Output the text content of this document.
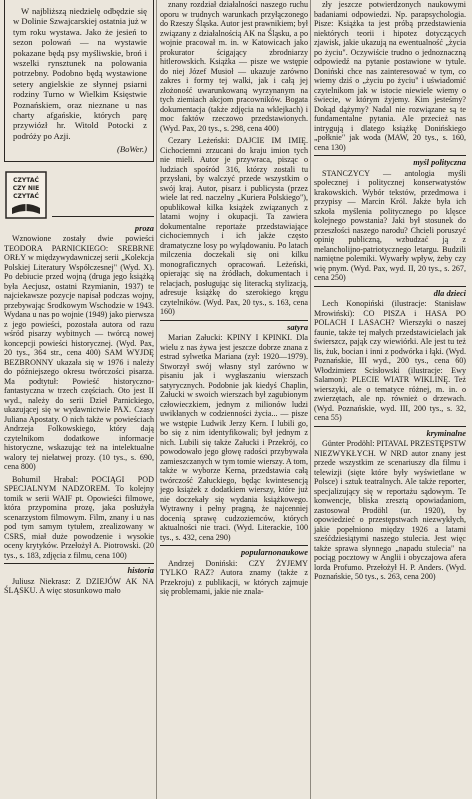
W najbliższą niedzielę odbędzie się w Dolinie Szwajcarskiej ostatnia już w tym roku wystawa. Jako że jesień to sezon polowań — na wystawie pokazane będą psy myśliwskie, broń i wszelki rynsztunek na polowania potrzebny. Podobno będą wystawione setery angielskie ze słynnej psiarni rodziny Turno w Wielkim Księstwie Poznańskiem, oraz nieznane u nas charty afgańskie, których parę przywiózł hr. Witold Potocki z podróży po Azji.

(BoWer.)
CZYTAĆ
CZY NIE
CZYTAĆ
proza

Wznowione zostały dwie powieści TEODORA PARNICKIEGO: SREBRNE ORŁY w międzywydawniczej serii „Kolekcja Polskiej Literatury Współczesnej" (Wyd. X). Po debiucie przed wojną (druga jego książką była Aecjusz, ostatni Rzymianin, 1937) te najciekawsze pozycje napisał podczas wojny, przebywając Srodkowym Wschodzie w 1943. Wydana u nas po wojnie (1949) jako pierwsza z jego powieści, pozostała autora od razu wśród pisarzy wybitnych — twórcą nowej koncepcji powieści historycznej. (Wyd. Pax, 20 tys., 364 str., cena 400) SAM WYJDĘ BEZBRONNY ukazała się w 1976 i należy do późniejszego okresu twórczości pisarza. Ma podtytuł: Powieść historyczno-fantastyczna w trzech częściach. Oto jest II wyd., należy do serii Dzieł Parnickiego, ukazującej się w wydawnictwie PAX. Czasy Juliana Apostaty. O nich także w powieściach Andrzeja Folkowskiego, który dają czytelnikom dodatkowe informacje historyczne, wskazując też na intelektualne walory tej niełatwej prozy. (10 tys., s. 690, cena 800)

Bohumil Hrabal: POCIĄGI POD SPECJALNYM NADZOREM. To kolejny tomik w serii WAIF pt. Opowieści filmowe, która przypomina prozę, jaka posłużyła scenarzystom filmowym. Film, znany i u nas pod tym samym tytułem, zrealizowany w CSRS, miał duże powodzenie i wysokie oceny krytyków. Przełożył A. Piotrowski. (20 tys., s. 183, zdjęcia z filmu, cena 100)

historia

Juliusz Niekrasz: Z DZIEJÓW AK NA ŚLĄSKU. A więc stosunkowo mało

znany rozdział działalności naszego ruchu oporu w trudnych warunkach przyłączonego do Rzeszy Śląska. Autor jest prawnikiem; był związany z działalnością AK na Śląsku, a po wojnie pracował m. in. w Katowicach jako prokurator ścigający zbrodniarzy hitlerowskich. Książka — pisze we wstępie do niej Józef Musioł — ukazuje zarówno zakres i formy tej walki, jak i całą jej złożoność uwarunkowaną wyrzynanym na tych ziemiach akcjom pracowników. Bogata dokumentacja (także zdjęcia na wklejkach) i moc faktów rzeczowo przedstawionych. (Wyd. Pax, 20 tys., s. 298, cena 400)

Cezary Leżeński: DAJCIE IM IMIĘ. Cichociemni zrzucani do kraju imion tych nie mieli. Autor je przywraca, pisząc o ludziach spośród 316, którzy zostali tu przysłani, by walczyć przede wszystkim o swój kraj. Autor, pisarz i publicysta (przez wiele lat red. naczelny „Kuriera Polskiego"), opublikował kilka książek związanych z latami wojny i okupacji. Ta zawiera dokumentalne reportaże przedstawiające cichociemnych i ich jakże często dramatyczne losy po wylądowaniu. Po latach milczenia doczekali się oni kilku monograficznych opracowań. Leżeński, opierając się na źródłach, dokumentach i relacjach, posługując się literacką stylizacją, adresuje książkę do szerokiego kręgu czytelników. (Wyd. Pax, 20 tys., s. 163, cena 160)

satyra

Marian Załucki: KPINY I KPINKI. Dla wielu z nas żywa jest jeszcze dobrze znana z estrad sylwetka Mariana (zył: 1920—1979). Stworzył swój własny styl zarówno w pisaniu jak i wygłaszaniu wierszach satyrycznych. Podobnie jak kiedyś Chaplin, Załucki w swoich wierszach był zagubionym człowieczkiem, jednym z milionów ludzi uwikłanych w codzienności życia... — pisze we wstępie Ludwik Jerzy Kern. I lubili go, bo się z nim identyfikowali; był jednym z nich. Lubili się także Załucki i Przekrój, co powodowało jego głowę radości przybywała zamieszczanych w tym tomie wierszy. A tom, także w wyborze Kerna, przedstawia całą twórczość Załuckiego, będąc kwintesencją jego książek z dodatkiem wierszy, które już nie doczekały się wydania książkowego. Wytrawny i pełny pragną, że najcenniej docenią sprawę cudzoziemców, których aktualności nie traci. (Wyd. Literackie, 100 tys., s. 432, cena 290)

popularnonaukowe

Andrzej Doniński: CZY ŻYJEMY TYLKO RAZ? Autora znamy (także z Przekroju) z publikacji, w których zajmuje się problemami, jakie nie znala-

zły jeszcze potwierdzonych naukowymi badaniami odpowiedzi. Np. parapsychologia. Pisze: Książka ta jest próbą przedstawienia niektórych teorii i hipotez dotyczących zjawisk, jakie ukazują na ewentualność „życia po życiu". Oczywiście trudno o jednoznaczną odpowiedź na pytanie postawione w tytule. Doniński chce nas zainteresować w tym, co wiemy dziś o „życiu po życiu" i uświadomić czytelnikom jak w istocie niewiele wiemy o świecie, w którym żyjemy. Kim jesteśmy? Dokąd dążymy? Nadal nie rozwiązane są te fundamentalne pytania. Ale przecież nas intrygują i dlatego książkę Donińskiego „połknie" jak woda (MAW, 20 tys., s. 160, cena 130)

myśl polityczna

STANCZYCY — antologia myśli społecznej i politycznej konserwatystów krakowskich. Wybór tekstów, przedmowa i przypisy — Marcin Król. Jakże była ich szkoła myślenia politycznego po klęsce kolejnego powstania? Jaki był stosunek do przeszłości naszego narodu? Chcieli poruszyć opinię publiczną, wzbudzać ją z melancholijno-patriotycznego letargu. Budzili namiętne polemiki. Wywarły wpływ, żeby czy wię pnym. (Wyd. Pax, wyd. II, 20 tys., s. 267, cena 250)

dla dzieci

Lech Konopiński (ilustracje: Stanisław Mrowiński): CO PISZA i HASA PO POLACH I LASACH? Wierszyki o naszej faunie, także tej małych przedstawicielach jak świerszcz, pająk czy wiewiórki. Ale jest tu też lis, żuk, bocian i inni z podwórka i łąki. (Wyd. Poznańskie, III wyd., 200 tys., cena 60) Włodzimierz Scisłowski (ilustracje: Ewy Salamon): PLECIE WIATR WIKLINĘ. Też wierszyki, ale o tematyce różnej, m. in. o zwierzętach, ale np. również o drzewach. (Wyd. Poznańskie, wyd. III, 200 tys., s. 32, cena 55)

kryminalne

Günter Prodöhl: PITAVAL PRZESTĘPSTW NIEZWYKŁYCH. W NRD autor znany jest przede wszystkim ze scenariuszy dla filmu i telewizji (sięte które były wyświetlane w Polsce) i sztuk teatralnych. Ale także reporter, specjalizujący się w reportażu sądowym. Te konwencje, bliska zresztą opowiadaniom, zastosował Prodöhl (ur. 1920), by opowiedzieć o przestępstwach niezwykłych, jakie popełniono między 1926 a latami sześćdziesiątymi naszego stulecia. Jest więc także sprawa słynnego „napadu stulecia" na pociąg pocztowy w Anglii i obyczajowa afera lorda Profumo. Przełożył H. P. Anders. (Wyd. Poznańskie, 50 tys., s. 263, cena 200)
